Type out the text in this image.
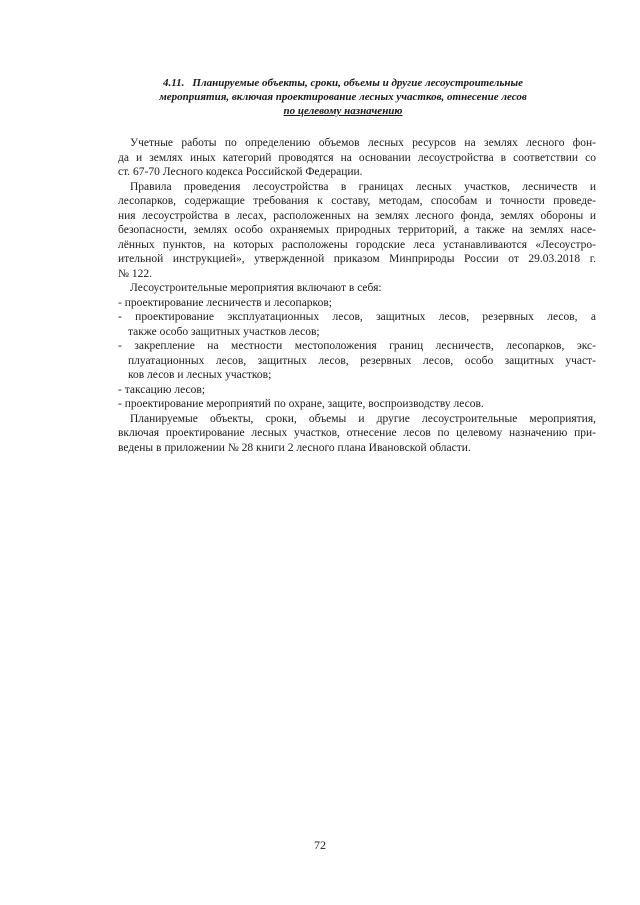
4.11. Планируемые объекты, сроки, объемы и другие лесоустроительные
мероприятия, включая проектирование лесных участков, отнесение лесов
по целевому назначению

Учетные работы по определению объемов лесных ресурсов на землях лесного фон-
да и землях иных категорий проводятся на основании лесоустройства в соответствии со
ст. 67-70 Лесного кодекса Российской Федерации.

Правила проведения лесоустройства в границах лесных участков, лесничеств и
лесопарков, содержащие требования к составу, методам, способам и точности проведе-
ния лесоустройства в лесах, расположенных на землях лесного фонда, землях обороны и
безопасности, землях особо охраняемых природных территорий, а также на землях насе-
лённых пунктов, на которых расположены городские леса устанавливаются «Лесоустро-
ительной инструкцией», утвержденной приказом Минприроды России от 29.03.2018 г.
№ 122.

Лесоустроительные мероприятия включают в себя:

- проектирование лесничеств и лесопарков;
- проектирование эксплуатационных лесов, защитных лесов, резервных лесов, а
также особо защитных участков лесов;
- закрепление на местности местоположения границ лесничеств, лесопарков, экс-
плуатационных лесов, защитных лесов, резервных лесов, особо защитных участ-
ков лесов и лесных участков;
- таксацию лесов;
- проектирование мероприятий по охране, защите, воспроизводству лесов.

Планируемые объекты, сроки, объемы и другие лесоустроительные мероприятия,
включая проектирование лесных участков, отнесение лесов по целевому назначению при-
ведены в приложении № 28 книги 2 лесного плана Ивановской области.

72
